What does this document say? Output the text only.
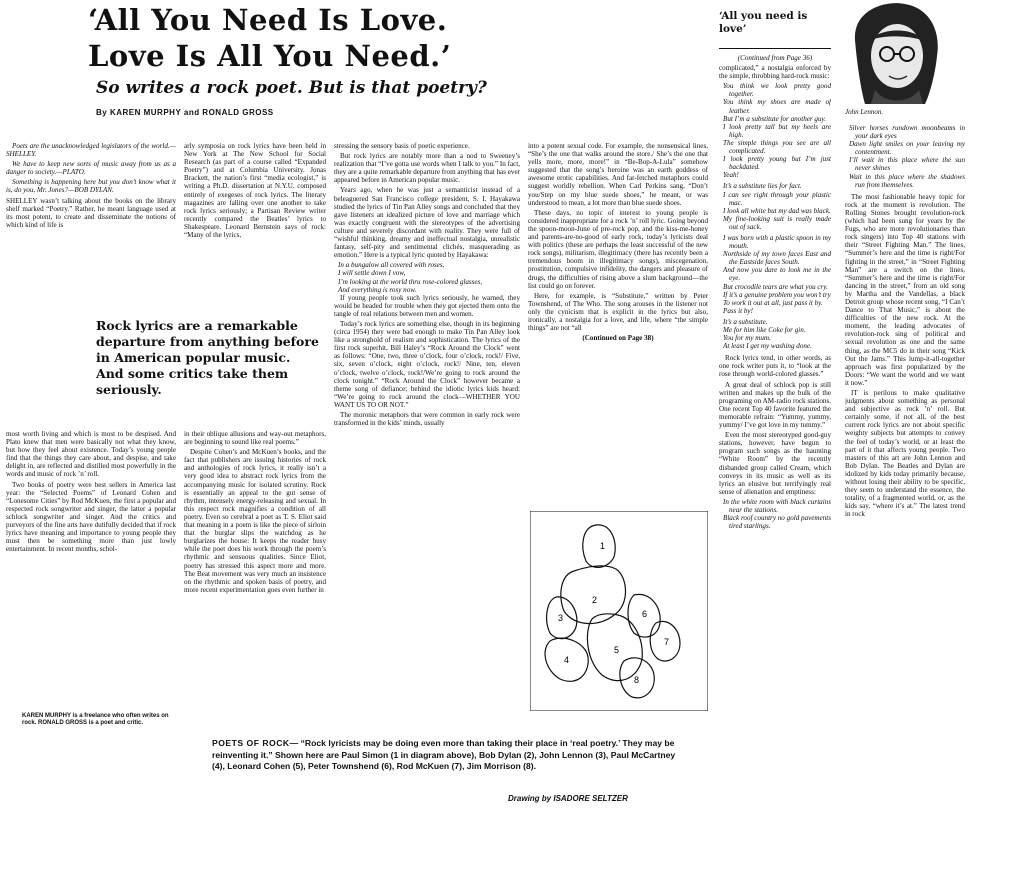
‘All You Need Is Love.
Love Is All You Need.’
So writes a rock poet. But is that poetry?
By KAREN MURPHY and RONALD GROSS

Poets are the unacknowledged legislators of the world.—SHELLEY.

We have to keep new sorts of music away from us as a danger to society.—PLATO.

Something is happening here but you don’t know what it is, do you, Mr. Jones?—BOB DYLAN.

SHELLEY wasn’t talking about the books on the library shelf marked “Poetry.” Rather, he meant language used at its most potent, to create and disseminate the notions of which kind of life is

arly symposia on rock lyrics have been held in New York at The New School for Social Research (as part of a course called “Expanded Poetry”) and at Columbia University. Jonas Brackett, the nation’s first “media ecologist,” is writing a Ph.D. dissertation at N.Y.U. composed entirely of exegeses of rock lyrics. The literary magazines are falling over one another to take rock lyrics seriously; a Partisan Review writer recently compared the Beatles’ lyrics to Shakespeare. Leonard Bernstein says of rock: “Many of the lyrics,

Rock lyrics are a remarkable departure from anything before in American popular music. And some critics take them seriously.

most worth living and which is most to be despised. And Plato knew that men were basically not what they know, but how they feel about existence. Today’s young people find that the things they care about, and despise, and take delight in, are reflected and distilled most powerfully in the words and music of rock ’n’ roll.

Two books of poetry were best sellers in America last year: the “Selected Poems” of Leonard Cohen and “Lonesome Cities” by Rod McKuen, the first a popular and respected rock songwriter and singer, the latter a popular schlock songwriter and singer. And the critics and purveyors of the fine arts have dutifully decided that if rock lyrics have meaning and importance to young people they must then be something more than just lowly entertainment. In recent months, schol-

KAREN MURPHY is a freelance who often writes on rock. RONALD GROSS is a poet and critic.

in their oblique allusions and way-out metaphors, are beginning to sound like real poems.”

Despite Cohen’s and McKuen’s books, and the fact that publishers are issuing histories of rock and anthologies of rock lyrics, it really isn’t a very good idea to abstract rock lyrics from the accompanying music for isolated scrutiny. Rock is essentially an appeal to the gut sense of rhythm, intensely energy-releasing and sexual. In this respect rock magnifies a condition of all poetry. Even so cerebral a poet as T. S. Eliot said that meaning in a poem is like the piece of sirloin that the burglar slips the watchdog as he burglarizes the house: It keeps the reader busy while the poet does his work through the poem’s rhythmic and sensuous qualities. Since Eliot, poetry has stressed this aspect more and more. The Beat movement was very much an insistence on the rhythmic and spoken basis of poetry, and more recent experimentation goes even further in

stressing the sensory basis of poetic experience.

But rock lyrics are notably more than a nod to Sweeney’s realization that “I’ve gotta use words when I talk to you.” In fact, they are a quite remarkable departure from anything that has ever appeared before in American popular music.

Years ago, when he was just a semanticist instead of a beleaguered San Francisco college president, S. I. Hayakawa studied the lyrics of Tin Pan Alley songs and concluded that they gave listeners an idealized picture of love and marriage which was exactly congruent with the stereotypes of the advertising culture and severely discordant with reality. They were full of “wishful thinking, dreamy and ineffectual nostalgia, unrealistic fantasy, self-pity and sentimental clichés, masquerading as emotion.” Here is a typical lyric quoted by Hayakawa:

In a bungalow all covered with roses,
I will settle down I vow,
I’m looking at the world thru rose-colored glasses,
And everything is rosy now.

If young people took such lyrics seriously, he warned, they would be headed for trouble when they got ejected them onto the tangle of real relations between men and women.

Today’s rock lyrics are something else, though in its beginning (circa 1954) they were bad enough to make Tin Pan Alley look like a stronghold of realism and sophistication. The lyrics of the first rock superhit, Bill Haley’s “Rock Around the Clock” went as follows: “One, two, three o’clock, four o’clock, rock!/ Five, six, seven o’clock, eight o’clock, rock!/ Nine, ten, eleven o’clock, twelve o’clock, rock!/We’re going to rock around the clock tonight.” “Rock Around the Clock” however became a theme song of defiance; behind the idiotic lyrics kids heard: “We’re going to rock around the clock—WHETHER YOU WANT US TO OR NOT.”

The moronic metaphors that were common in early rock were transformed in the kids’ minds, usually

into a potent sexual code. For example, the nonsensical lines, “She’s the one that walks around the store./ She’s the one that yells more, more, more!” in “Be-Bop-A-Lula” somehow suggested that the song’s heroine was an earth goddess of awesome erotic capabilities. And far-fetched metaphors could suggest worldly rebellion. When Carl Perkins sang, “Don’t you/Step on my blue suede shoes,” he meant, or was understood to mean, a lot more than blue suede shoes.

These days, no topic of interest to young people is considered inappropriate for a rock ’n’ roll lyric. Going beyond the spoon-moon-June of pre-rock pop, and the kiss-me-honey and parents-are-no-good of early rock, today’s lyricists deal with politics (these are perhaps the least successful of the new rock songs), militarism, illegitimacy (there has recently been a tremendous boom in illegitimacy songs), miscegenation, prostitution, compulsive infidelity, the dangers and pleasure of drugs, the difficulties of rising above a slum background—the list could go on forever.

Here, for example, is “Substitute,” written by Peter Townshend, of The Who. The song arouses in the listener not only the cynicism that is explicit in the lyrics but also, ironically, a nostalgia for a love, and life, where “the simple things” are not “all

(Continued on Page 38)

1
2
3
4
5
6
7
8
‘All you need is love’
John Lennon.

(Continued from Page 36)

complicated,” a nostalgia enforced by the simple, throbbing hard-rock music:

You think we look pretty good together.
You think my shoes are made of leather.
But I’m a substitute for another guy.
I look pretty tall but my heels are high.
The simple things you see are all complicated.
I look pretty young but I’m just backdated.
Yeah!
It’s a substitute lies for fact.
I can see right through your plastic mac.
I look all white but my dad was black.
My fine-looking suit is really made out of sack.
I was born with a plastic spoon in my mouth.
Northside of my town faces East and the Eastside faces South.
And now you dare to look me in the eye.
But crocodile tears are what you cry.
If it’s a genuine problem you won’t try
To work it out at all, just pass it by.
Pass it by!
It’s a substitute.
Me for him like Coke for gin.
You for my mum.
At least I get my washing done.

Rock lyrics tend, in other words, as one rock writer puts it, to “look at the rose through world-colored glasses.”

A great deal of schlock pop is still written and makes up the bulk of the programing on AM-radio rock stations. One recent Top 40 favorite featured the memorable refrain: “Yummy, yummy, yummy/ I’ve got love in my tummy.”

Even the most stereotyped good-guy stations, however, have begun to program such songs as the haunting “White Room” by the recently disbanded group called Cream, which conveys in its music as well as its lyrics an elusive but terrifyingly real sense of alienation and emptiness:

In the white room with black curtains near the stations.
Black roof country no gold pavements tired starlings.
Silver horses rundown moonbeams in your dark eyes
Dawn light smiles on your leaving my contentment.
I’ll wait in this place where the sun never shines
Wait in this place where the shadows run from themselves.

The most fashionable heavy topic for rock at the moment is revolution. The Rolling Stones brought revolution-rock (which had been sung for years by the Fugs, who are more revolutionaries than rock singers) into Top 40 stations with their “Street Fighting Man.” The lines, “Summer’s here and the time is right/For fighting in the street,” in “Street Fighting Man” are a switch on the lines, “Summer’s here and the time is right/For dancing in the street,” from an old song by Martha and the Vandellas, a black Detroit group whose recent song, “I Can’t Dance to That Music,” is about the difficulties of the new rock. At the moment, the leading advocates of revolution-rock sing of political and sexual revolution as one and the same thing, as the MC5 do in their song “Kick Out the Jams.” This lump-it-all-together approach was first popularized by the Doors: “We want the world and we want it now.”

IT is perilous to make qualitative judgments about something as personal and subjective as rock ’n’ roll. But certainly some, if not all, of the best current rock lyrics are not about specific weighty subjects but attempts to convey the feel of today’s world, or at least the part of it that affects young people. Two masters of this art are John Lennon and Bob Dylan. The Beatles and Dylan are idolized by kids today primarily because, without losing their ability to be specific, they seem to understand the essence, the totality, of a fragmented world, or, as the kids say, “where it’s at.” The latest trend in rock

POETS OF ROCK— “Rock lyricists may be doing even more than taking their place in ‘real poetry.’ They may be reinventing it.” Shown here are Paul Simon (1 in diagram above), Bob Dylan (2), John Lennon (3), Paul McCartney (4), Leonard Cohen (5), Peter Townshend (6), Rod McKuen (7), Jim Morrison (8).
Drawing by ISADORE SELTZER
